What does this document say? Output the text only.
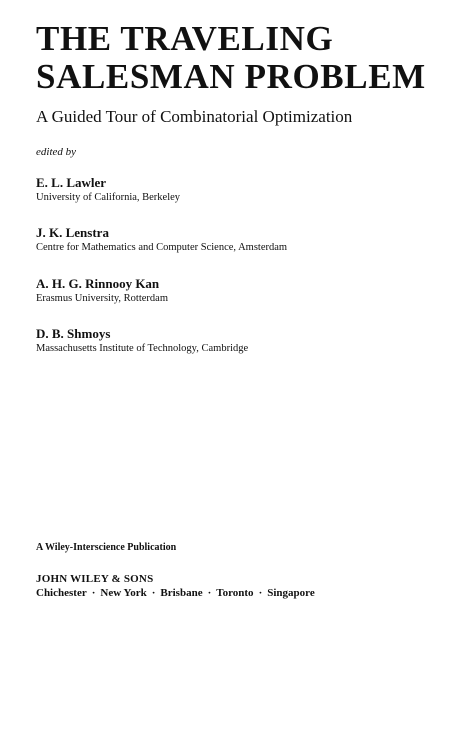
THE TRAVELING
SALESMAN PROBLEM
A Guided Tour of Combinatorial Optimization
edited by
E. L. Lawler
University of California, Berkeley
J. K. Lenstra
Centre for Mathematics and Computer Science, Amsterdam
A. H. G. Rinnooy Kan
Erasmus University, Rotterdam
D. B. Shmoys
Massachusetts Institute of Technology, Cambridge
A Wiley-Interscience Publication
JOHN WILEY & SONS
Chichester · New York · Brisbane · Toronto · Singapore
